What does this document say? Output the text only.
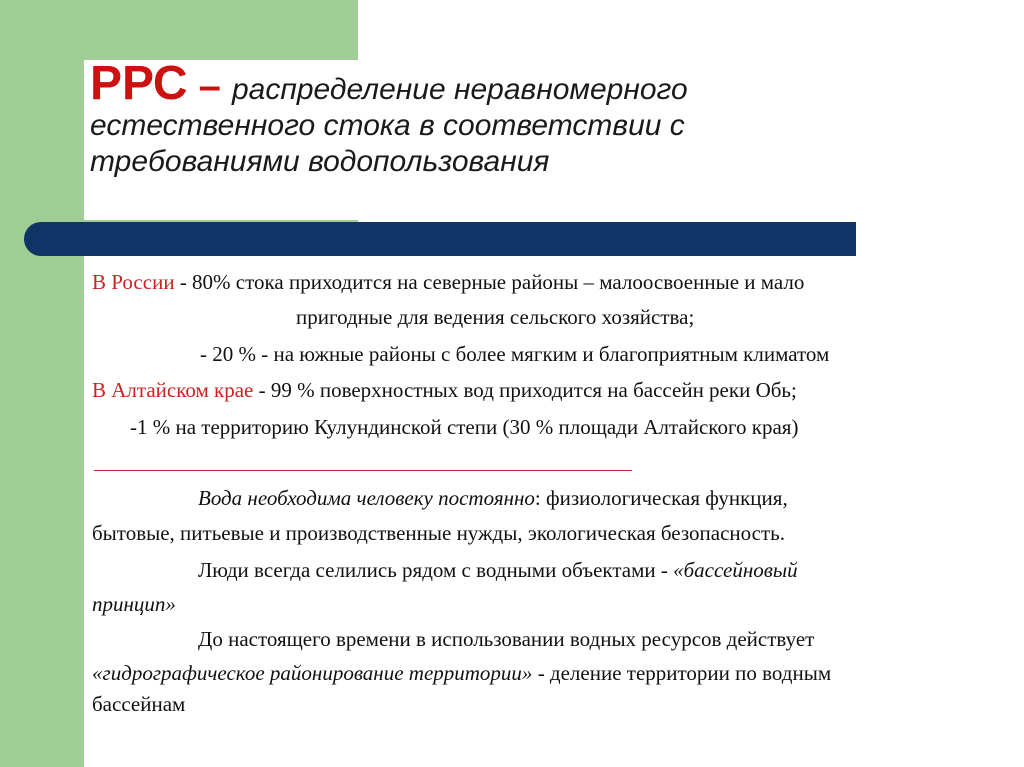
РРС – распределение неравномерного
естественного стока в соответствии с
требованиями водопользования
В России - 80% стока приходится на северные районы – малоосвоенные и мало
пригодные для ведения сельского хозяйства;
- 20 % - на южные районы с более мягким и благоприятным климатом
В Алтайском крае - 99 % поверхностных вод приходится на бассейн реки Обь;
-1 % на территорию Кулундинской степи (30 % площади Алтайского края)
Вода необходима человеку постоянно: физиологическая функция,
бытовые, питьевые и производственные нужды, экологическая безопасность.
Люди всегда селились рядом с водными объектами - «бассейновый
принцип»
До настоящего времени в использовании водных ресурсов действует
«гидрографическое районирование территории» - деление территории по водным
бассейнам
